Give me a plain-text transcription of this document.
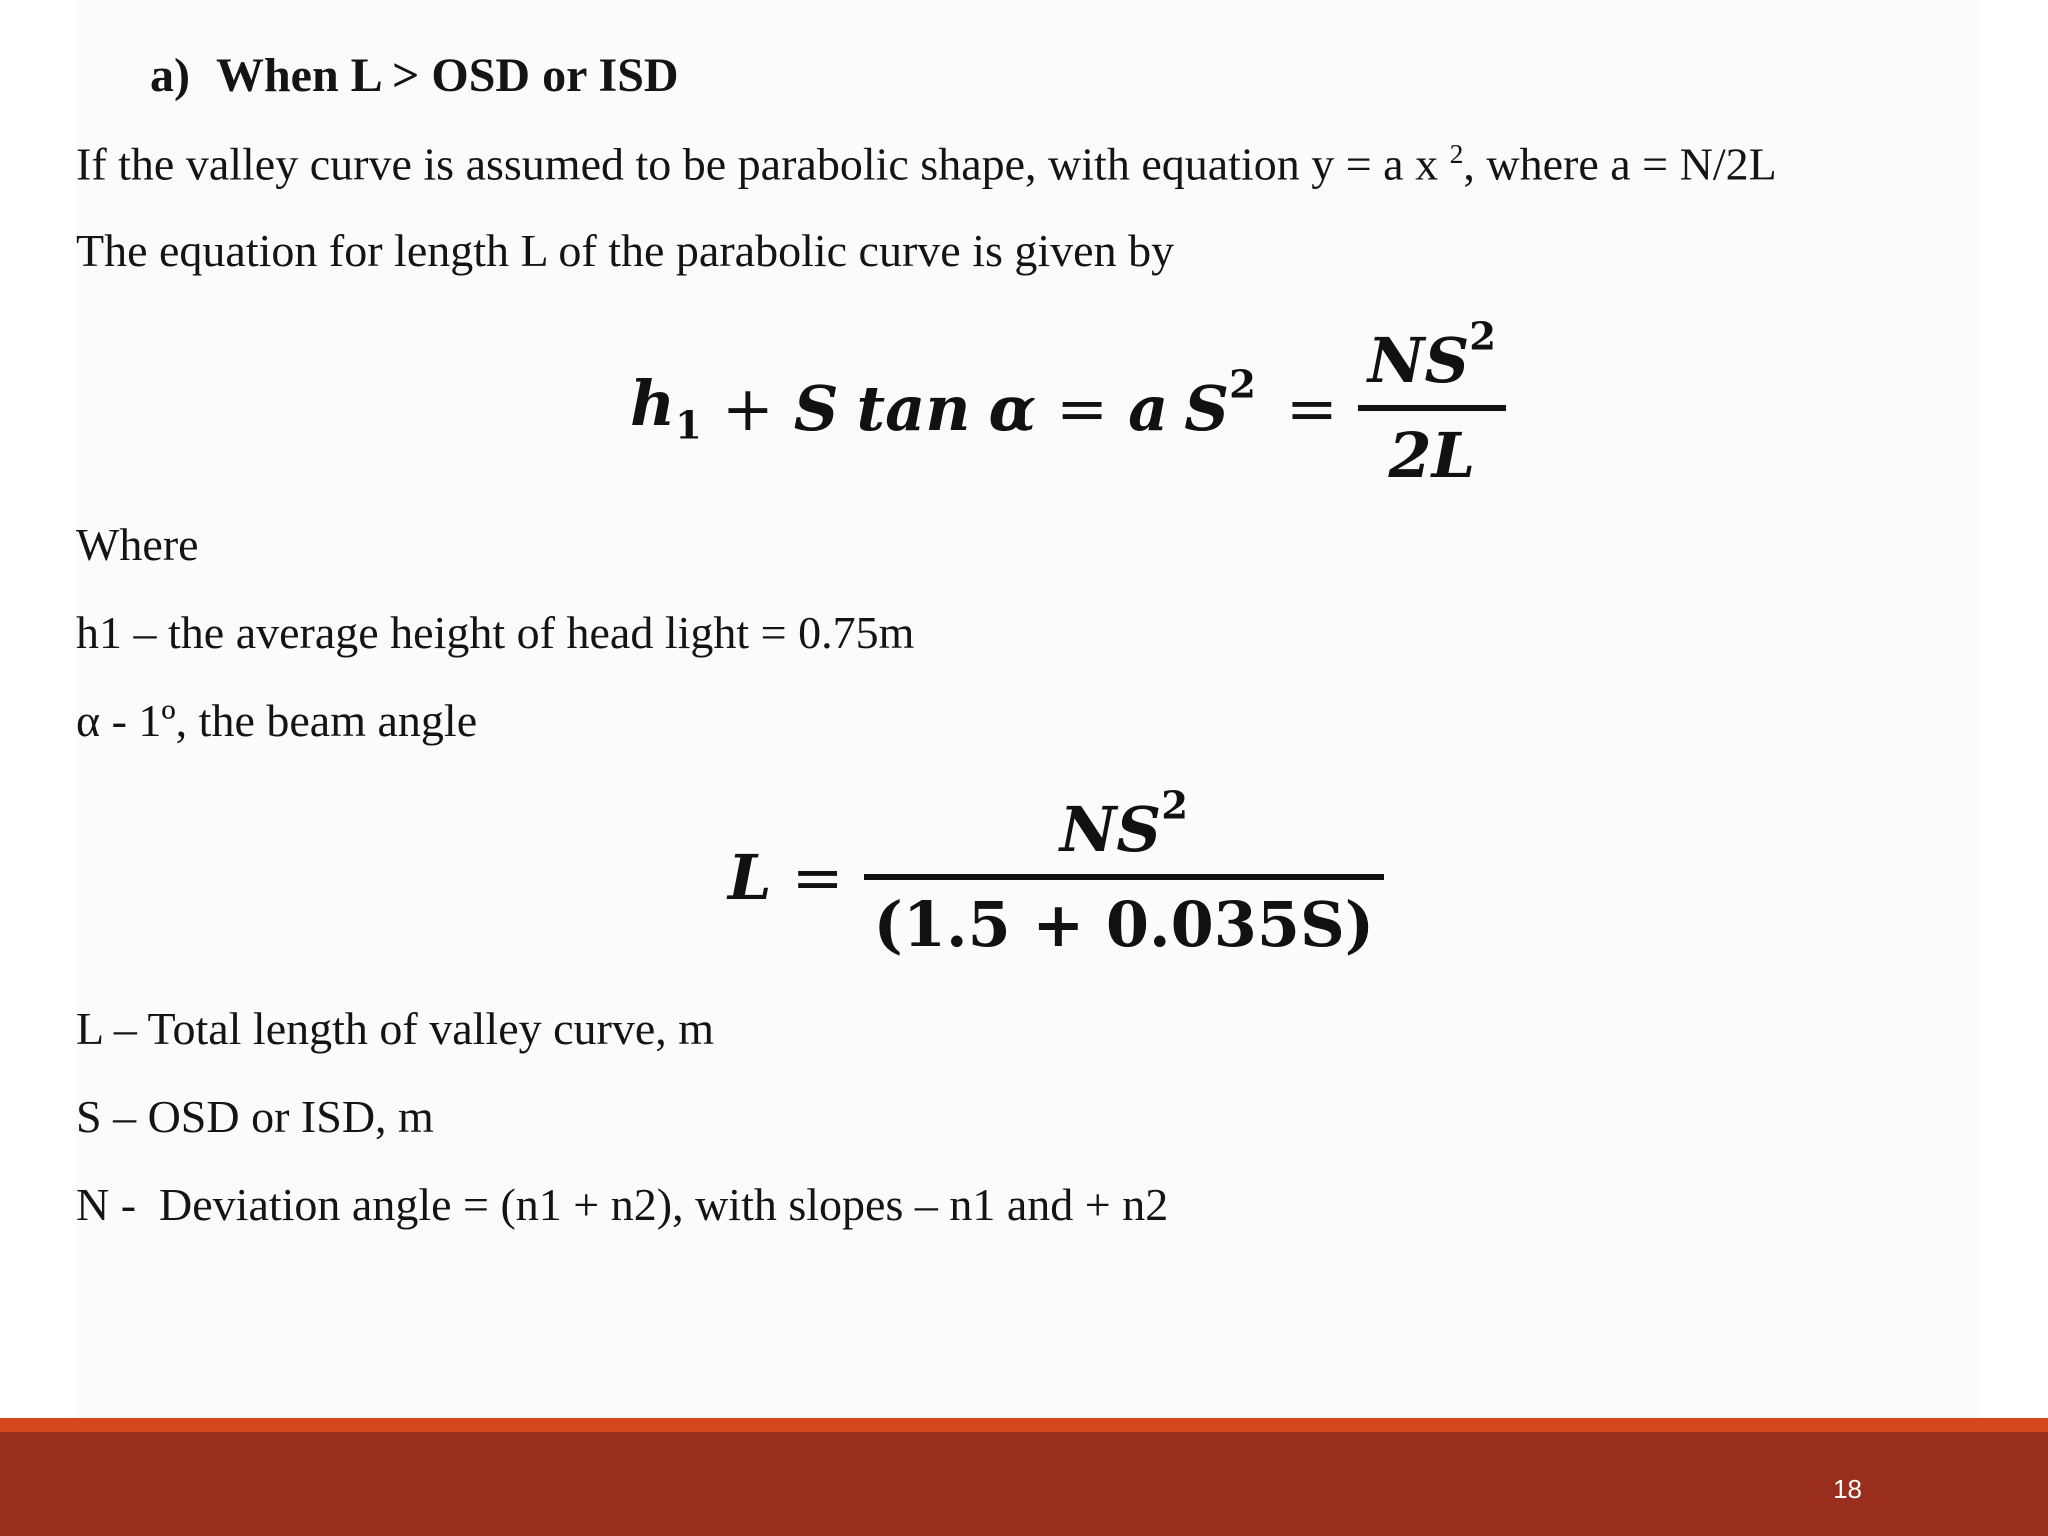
a) When L > OSD or ISD
If the valley curve is assumed to be parabolic shape, with equation y = a x $^2$, where a = N/2L
The equation for length L of the parabolic curve is given by
$h_1 + S$ tan α = a $S^2$ =
$NS^2$
2L
Where
h1 – the average height of head light = 0.75m
α - 1º, the beam angle
L =
$NS^2$
(1.5 + 0.035S)
L – Total length of valley curve, m
S – OSD or ISD, m
N -  Deviation angle = (n1 + n2), with slopes – n1 and + n2
18
